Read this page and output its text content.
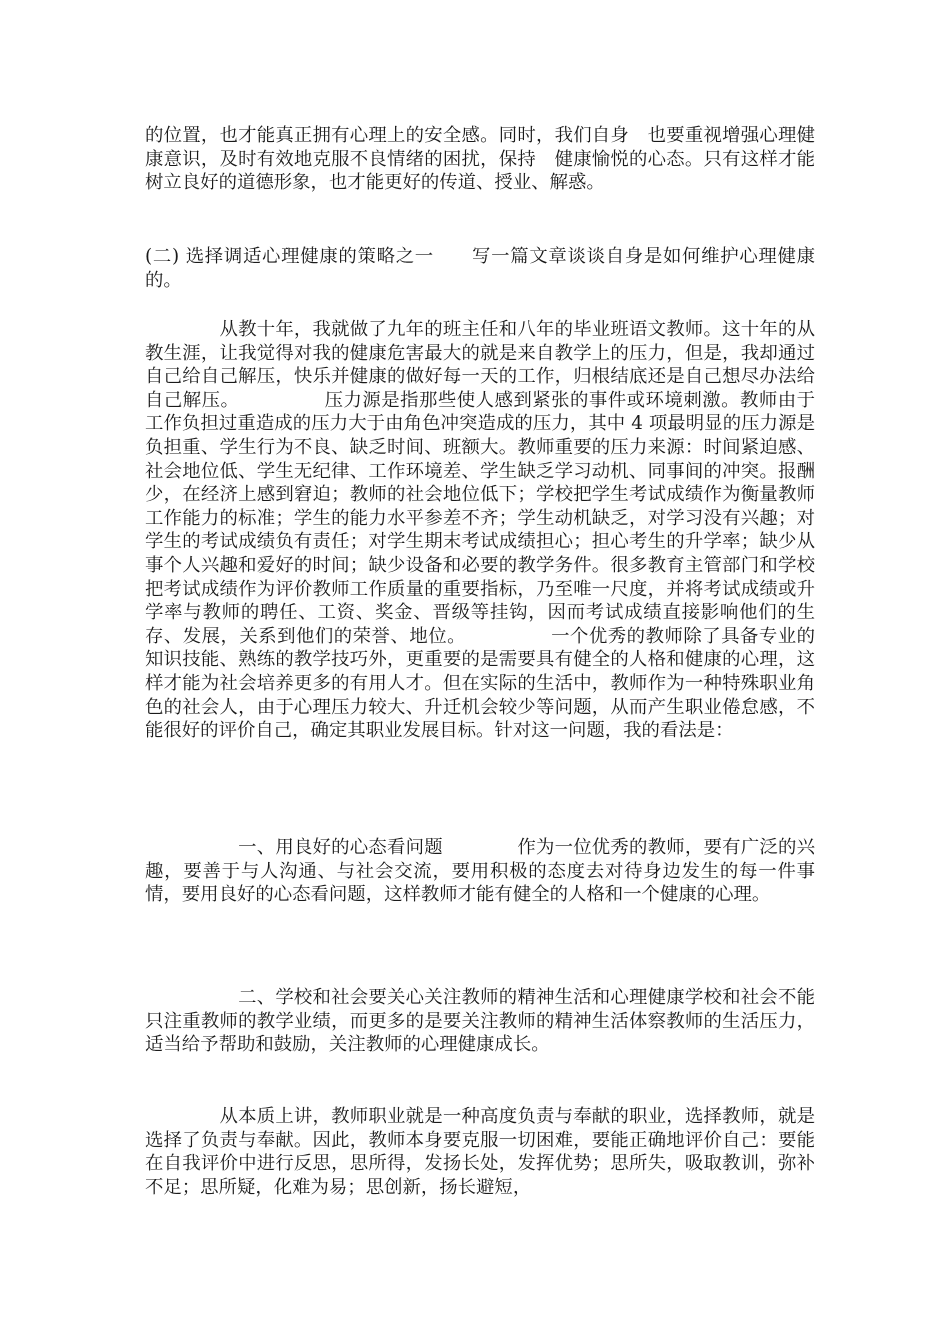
的位置，也才能真正拥有心理上的安全感。同时，我们自身　也要重视增强心理健康意识，及时有效地克服不良情绪的困扰，保持　健康愉悦的心态。只有这样才能树立良好的道德形象，也才能更好的传道、授业、解惑。

(二) 选择调适心理健康的策略之一　　写一篇文章谈谈自身是如何维护心理健康的。

　　　　从教十年，我就做了九年的班主任和八年的毕业班语文教师。这十年的从教生涯，让我觉得对我的健康危害最大的就是来自教学上的压力，但是，我却通过自己给自己解压，快乐并健康的做好每一天的工作，归根结底还是自己想尽办法给自己解压。　　　　　压力源是指那些使人感到紧张的事件或环境刺激。教师由于工作负担过重造成的压力大于由角色冲突造成的压力，其中 4 项最明显的压力源是负担重、学生行为不良、缺乏时间、班额大。教师重要的压力来源：时间紧迫感、社会地位低、学生无纪律、工作环境差、学生缺乏学习动机、同事间的冲突。报酬少，在经济上感到窘迫；教师的社会地位低下；学校把学生考试成绩作为衡量教师工作能力的标准；学生的能力水平参差不齐；学生动机缺乏，对学习没有兴趣；对学生的考试成绩负有责任；对学生期末考试成绩担心；担心考生的升学率；缺少从事个人兴趣和爱好的时间；缺少设备和必要的教学务件。很多教育主管部门和学校把考试成绩作为评价教师工作质量的重要指标，乃至唯一尺度，并将考试成绩或升学率与教师的聘任、工资、奖金、晋级等挂钩，因而考试成绩直接影响他们的生存、发展，关系到他们的荣誉、地位。　　　　　一个优秀的教师除了具备专业的知识技能、熟练的教学技巧外，更重要的是需要具有健全的人格和健康的心理，这样才能为社会培养更多的有用人才。但在实际的生活中，教师作为一种特殊职业角色的社会人，由于心理压力较大、升迁机会较少等问题，从而产生职业倦怠感，不能很好的评价自己，确定其职业发展目标。针对这一问题，我的看法是：

　　　　　一、用良好的心态看问题　　　　作为一位优秀的教师，要有广泛的兴趣，要善于与人沟通、与社会交流，要用积极的态度去对待身边发生的每一件事情，要用良好的心态看问题，这样教师才能有健全的人格和一个健康的心理。

　　　　　二、学校和社会要关心关注教师的精神生活和心理健康学校和社会不能只注重教师的教学业绩，而更多的是要关注教师的精神生活体察教师的生活压力，适当给予帮助和鼓励，关注教师的心理健康成长。

　　　　从本质上讲，教师职业就是一种高度负责与奉献的职业，选择教师，就是选择了负责与奉献。因此，教师本身要克服一切困难，要能正确地评价自己：要能在自我评价中进行反思，思所得，发扬长处，发挥优势；思所失，吸取教训，弥补不足；思所疑，化难为易；思创新，扬长避短，
